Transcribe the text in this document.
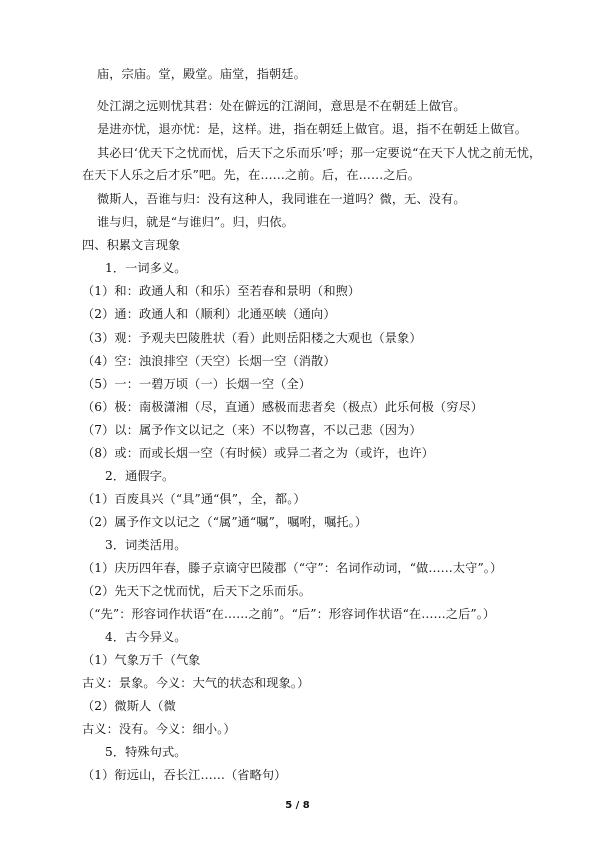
庙，宗庙。堂，殿堂。庙堂，指朝廷。
处江湖之远则忧其君：处在僻远的江湖间，意思是不在朝廷上做官。
是进亦忧，退亦忧：是，这样。进，指在朝廷上做官。退，指不在朝廷上做官。
其必曰‘优天下之忧而忧，后天下之乐而乐’呼；那一定要说“在天下人忧之前无忧，
在天下人乐之后才乐”吧。先，在……之前。后，在……之后。
微斯人，吾谁与归：没有这种人，我同谁在一道吗？微，无、没有。
谁与归，就是“与谁归”。归，归依。
四、积累文言现象
1．一词多义。
（1）和：政通人和（和乐）至若春和景明（和煦）
（2）通：政通人和（顺利）北通巫峡（通向）
（3）观：予观夫巴陵胜状（看）此则岳阳楼之大观也（景象）
（4）空：浊浪排空（天空）长烟一空（消散）
（5）一：一碧万顷（一）长烟一空（全）
（6）极：南极潇湘（尽，直通）感极而悲者矣（极点）此乐何极（穷尽）
（7）以：属予作文以记之（来）不以物喜，不以己悲（因为）
（8）或：而或长烟一空（有时候）或异二者之为（或许，也许）
2．通假字。
（1）百废具兴（“具”通“俱”，全，都。）
（2）属予作文以记之（“属”通“嘱”，嘱咐，嘱托。）
3．词类活用。
（1）庆历四年春，滕子京谪守巴陵郡（“守”：名词作动词，“做……太守”。）
（2）先天下之忧而忧，后天下之乐而乐。
（“先”：形容词作状语“在……之前”。“后”：形容词作状语“在……之后”。）
4．古今异义。
（1）气象万千（气象
古义：景象。今义：大气的状态和现象。）
（2）微斯人（微
古义：没有。今义：细小。）
5．特殊句式。
（1）衔远山，吞长江……（省略句）
5 / 8
